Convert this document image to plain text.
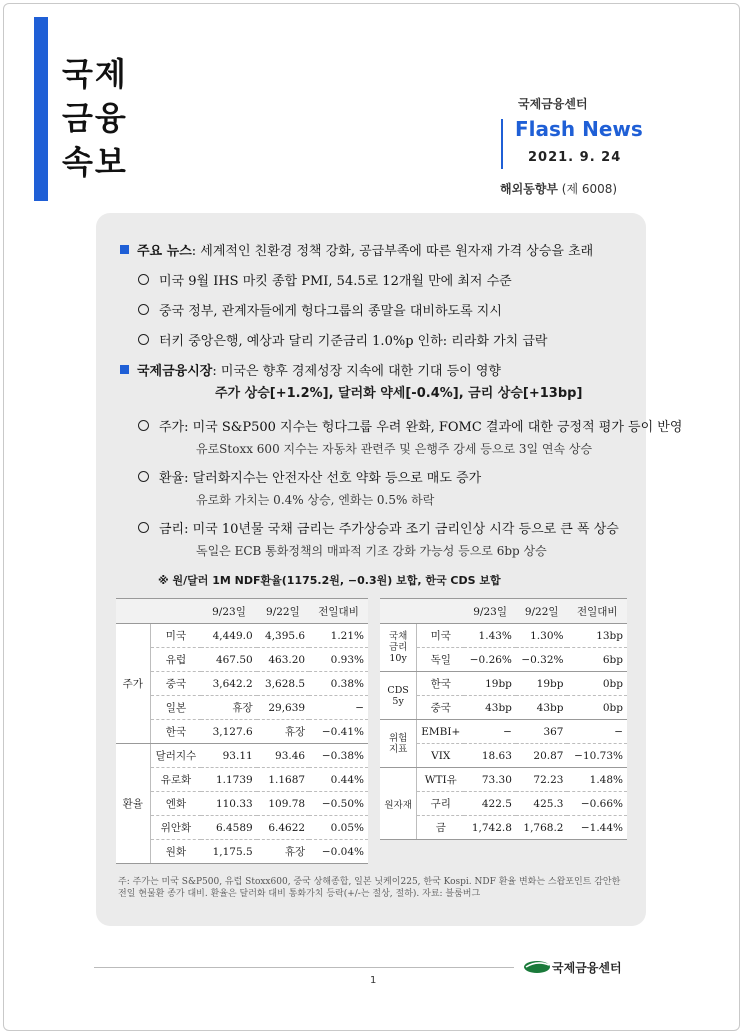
국제
금융
속보
국제금융센터
Flash News
2021. 9. 24
해외동향부 (제 6008)
주요 뉴스: 세계적인 친환경 정책 강화, 공급부족에 따른 원자재 가격 상승을 초래
미국 9월 IHS 마킷 종합 PMI, 54.5로 12개월 만에 최저 수준
중국 정부, 관계자들에게 헝다그룹의 종말을 대비하도록 지시
터키 중앙은행, 예상과 달리 기준금리 1.0%p 인하: 리라화 가치 급락
국제금융시장: 미국은 향후 경제성장 지속에 대한 기대 등이 영향
주가 상승[+1.2%], 달러화 약세[-0.4%], 금리 상승[+13bp]
주가: 미국 S&P500 지수는 헝다그룹 우려 완화, FOMC 결과에 대한 긍정적 평가 등이 반영
유로Stoxx 600 지수는 자동차 관련주 및 은행주 강세 등으로 3일 연속 상승
환율: 달러화지수는 안전자산 선호 약화 등으로 매도 증가
유로화 가치는 0.4% 상승, 엔화는 0.5% 하락
금리: 미국 10년물 국채 금리는 주가상승과 조기 금리인상 시각 등으로 큰 폭 상승
독일은 ECB 통화정책의 매파적 기조 강화 가능성 등으로 6bp 상승
※ 원/달러 1M NDF환율(1175.2원, −0.3원) 보합, 한국 CDS 보합
		9/23일	9/22일	전일대비
주가	미국	4,449.0	4,395.6	1.21%
	유럽	467.50	463.20	0.93%
	중국	3,642.2	3,628.5	0.38%
	일본	휴장	29,639	−
	한국	3,127.6	휴장	−0.41%
환율	달러지수	93.11	93.46	−0.38%
	유로화	1.1739	1.1687	0.44%
	엔화	110.33	109.78	−0.50%
	위안화	6.4589	6.4622	0.05%
	원화	1,175.5	휴장	−0.04%
		9/23일	9/22일	전일대비
국채 금리 10y	미국	1.43%	1.30%	13bp
	독일	−0.26%	−0.32%	6bp
CDS 5y	한국	19bp	19bp	0bp
	중국	43bp	43bp	0bp
위험 지표	EMBI+	−	367	−
	VIX	18.63	20.87	−10.73%
원자재	WTI유	73.30	72.23	1.48%
	구리	422.5	425.3	−0.66%
	금	1,742.8	1,768.2	−1.44%
주: 주가는 미국 S&P500, 유럽 Stoxx600, 중국 상해종합, 일본 닛케이225, 한국 Kospi. NDF 환율 변화는 스왑포인트 감안한 전일 현물환 종가 대비. 환율은 달러화 대비 통화가치 등락(+/-는 절상, 절하). 자료: 블룸버그
1
국제금융센터
